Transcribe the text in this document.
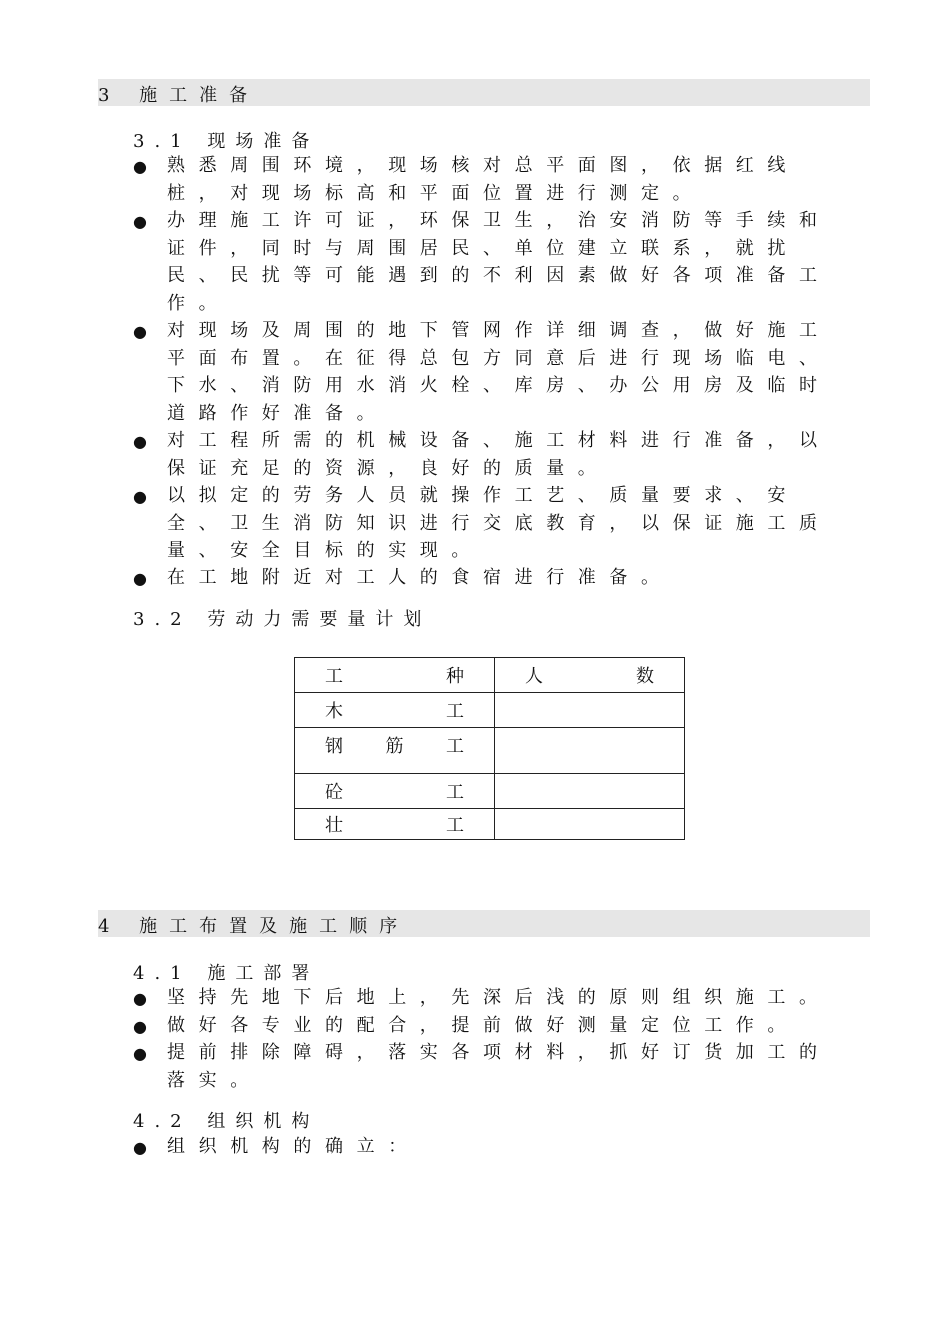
3 施工准备
3.1 现场准备
●	熟悉周围环境，现场核对总平面图，依据红线桩，对现场标高和平面位置进行测定。
●	办理施工许可证，环保卫生，治安消防等手续和证件，同时与周围居民、单位建立联系，就扰民、民扰等可能遇到的不利因素做好各项准备工作。
●	对现场及周围的地下管网作详细调查，做好施工平面布置。在征得总包方同意后进行现场临电、下水、消防用水消火栓、库房、办公用房及临时道路作好准备。
●	对工程所需的机械设备、施工材料进行准备，以保证充足的资源，良好的质量。
●	以拟定的劳务人员就操作工艺、质量要求、安全、卫生消防知识进行交底教育，以保证施工质量、安全目标的实现。
●	在工地附近对工人的食宿进行准备。
3.2 劳动力需要量计划
工 种	人 数

木 工	

钢 筋 工	

砼 工	

壮 工	

4 施工布置及施工顺序
4.1 施工部署
●	坚持先地下后地上，先深后浅的原则组织施工。
●	做好各专业的配合，提前做好测量定位工作。
●	提前排除障碍，落实各项材料，抓好订货加工的落实。
4.2 组织机构
●	组织机构的确立：
